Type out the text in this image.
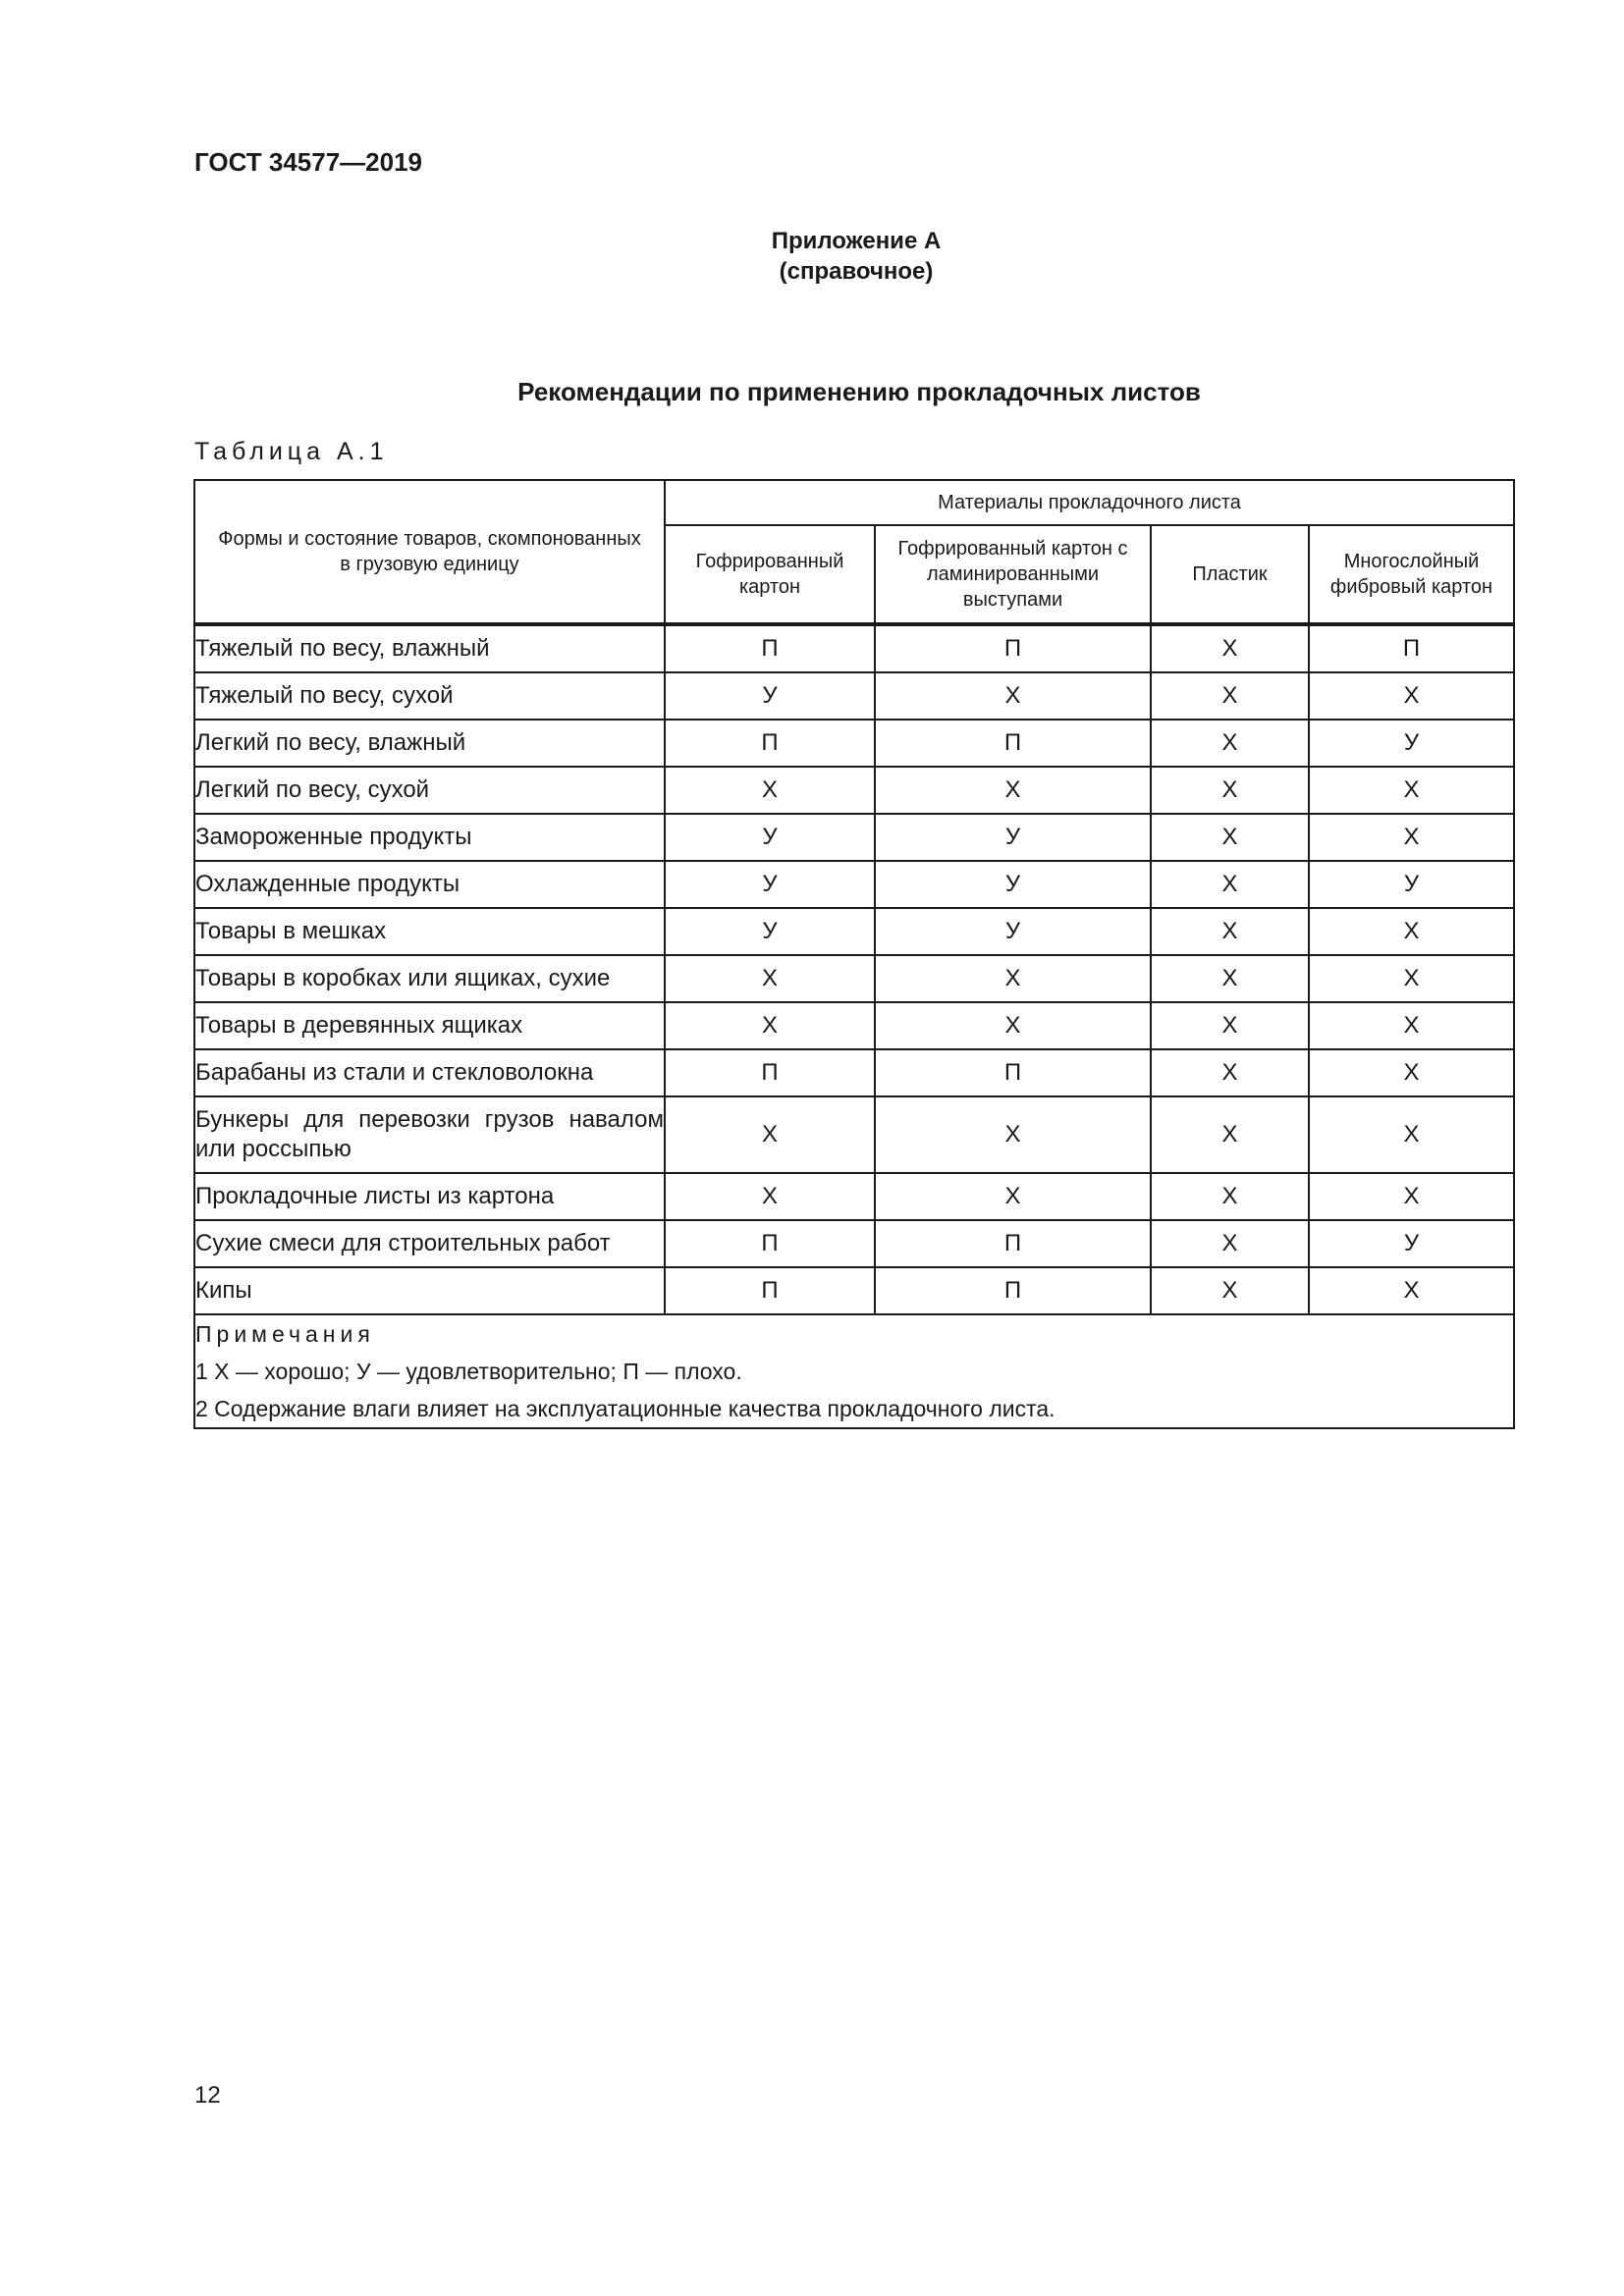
ГОСТ 34577—2019
Приложение А
(справочное)
Рекомендации по применению прокладочных листов
Таблица А.1
Формы и состояние товаров, скомпонованных в грузовую единицу	Материалы прокладочного листа			
	Гофрированный картон	Гофрированный картон с ламинированными выступами	Пластик	Многослойный фибровый картон
Тяжелый по весу, влажный	П	П	Х	П
Тяжелый по весу, сухой	У	Х	Х	Х
Легкий по весу, влажный	П	П	Х	У
Легкий по весу, сухой	Х	Х	Х	Х
Замороженные продукты	У	У	Х	Х
Охлажденные продукты	У	У	Х	У
Товары в мешках	У	У	Х	Х
Товары в коробках или ящиках, сухие	Х	Х	Х	Х
Товары в деревянных ящиках	Х	Х	Х	Х
Барабаны из стали и стекловолокна	П	П	Х	Х
Бункеры для перевозки грузов навалом или россыпью	Х	Х	Х	Х
Прокладочные листы из картона	Х	Х	Х	Х
Сухие смеси для строительных работ	П	П	Х	У
Кипы	П	П	Х	Х

Примечания
1 Х — хорошо; У — удовлетворительно; П — плохо.
2 Содержание влаги влияет на эксплуатационные качества прокладочного листа.				
12
